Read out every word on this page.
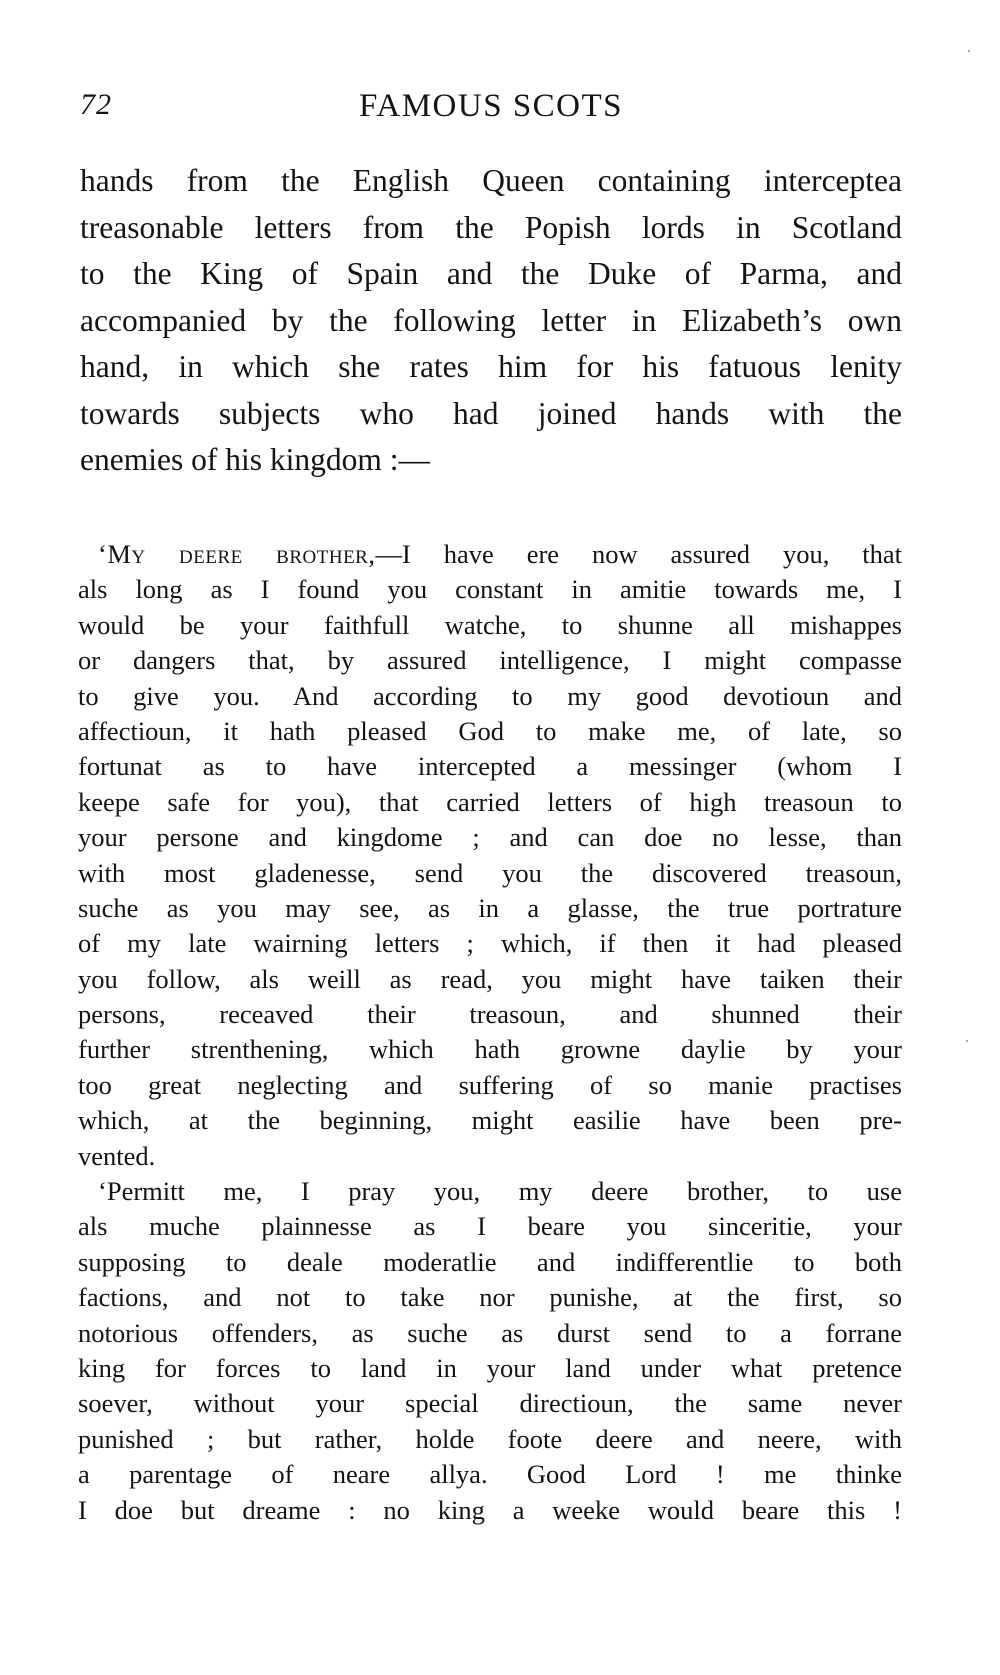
72	FAMOUS SCOTS

hands from the English Queen containing interceptea
treasonable letters from the Popish lords in Scotland
to the King of Spain and the Duke of Parma, and
accompanied by the following letter in Elizabeth’s own
hand, in which she rates him for his fatuous lenity
towards subjects who had joined hands with the
enemies of his kingdom :—

‘My deere brother,—I have ere now assured you, that
als long as I found you constant in amitie towards me, I
would be your faithfull watche, to shunne all mishappes
or dangers that, by assured intelligence, I might compasse
to give you. And according to my good devotioun and
affectioun, it hath pleased God to make me, of late, so
fortunat as to have intercepted a messinger (whom I
keepe safe for you), that carried letters of high treasoun to
your persone and kingdome ; and can doe no lesse, than
with most gladenesse, send you the discovered treasoun,
suche as you may see, as in a glasse, the true portrature
of my late wairning letters ; which, if then it had pleased
you follow, als weill as read, you might have taiken their
persons, receaved their treasoun, and shunned their
further strenthening, which hath growne daylie by your
too great neglecting and suffering of so manie practises
which, at the beginning, might easilie have been pre-
vented.
‘Permitt me, I pray you, my deere brother, to use
als muche plainnesse as I beare you sinceritie, your
supposing to deale moderatlie and indifferentlie to both
factions, and not to take nor punishe, at the first, so
notorious offenders, as suche as durst send to a forrane
king for forces to land in your land under what pretence
soever, without your special directioun, the same never
punished ; but rather, holde foote deere and neere, with
a parentage of neare allya. Good Lord ! me thinke
I doe but dreame : no king a weeke would beare this !
